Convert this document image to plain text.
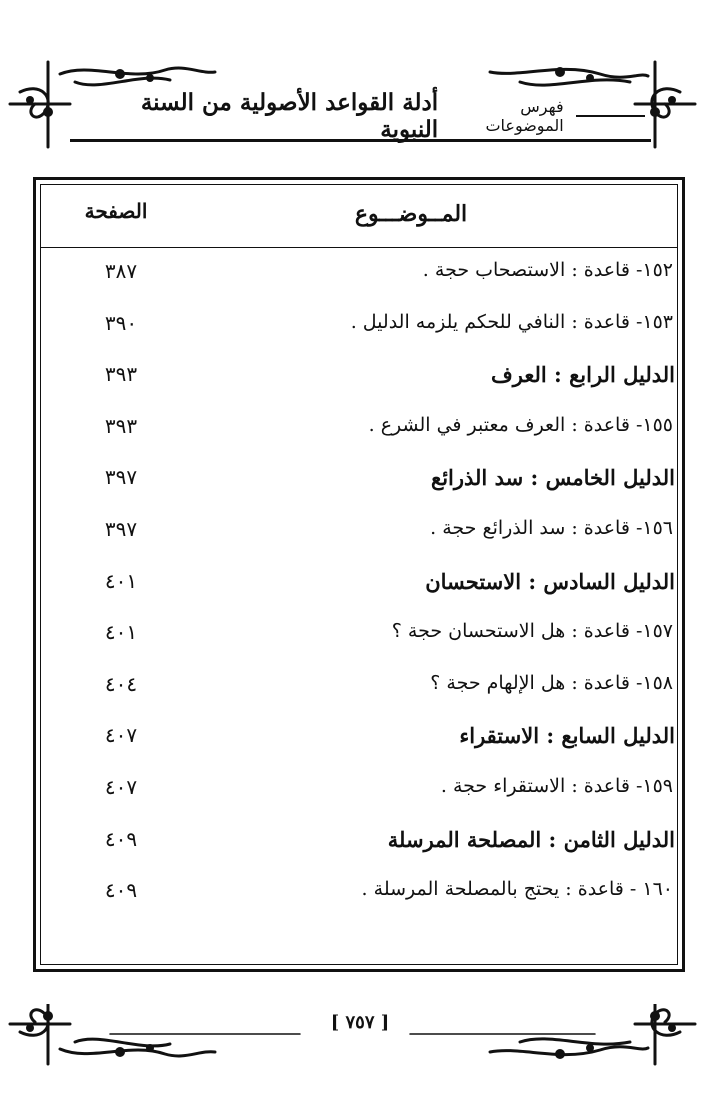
أدلة القواعد الأصولية من السنة النبوية
فهرس الموضوعات
المــوضـــوع
الصفحة
١٥٢- قاعدة : الاستصحاب حجة .
٣٨٧
١٥٣- قاعدة : النافي للحكم يلزمه الدليل .
٣٩٠
الدليل الرابع : العرف
٣٩٣
١٥٥- قاعدة : العرف معتبر في الشرع .
٣٩٣
الدليل الخامس : سد الذرائع
٣٩٧
١٥٦- قاعدة : سد الذرائع حجة .
٣٩٧
الدليل السادس : الاستحسان
٤٠١
١٥٧- قاعدة : هل الاستحسان حجة ؟
٤٠١
١٥٨- قاعدة : هل الإلهام حجة ؟
٤٠٤
الدليل السابع : الاستقراء
٤٠٧
١٥٩- قاعدة : الاستقراء حجة .
٤٠٧
الدليل الثامن : المصلحة المرسلة
٤٠٩
١٦٠ - قاعدة : يحتج بالمصلحة المرسلة .
٤٠٩
[ ٧٥٧ ]
